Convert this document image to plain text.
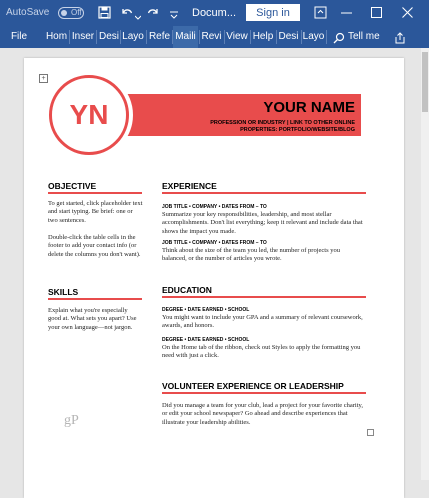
AutoSave	Off	Docum...	Sign in
File Hom Inser Desi Layo Refe Maili Revi View Help Desi Layo Tell me
+
YN	YOUR NAME
PROFESSION OR INDUSTRY | LINK TO OTHER ONLINE
PROPERTIES: PORTFOLIO/WEBSITE/BLOG
OBJECTIVE
To get started, click placeholder text and start typing. Be brief: one or two sentences.
Double-click the table cells in the footer to add your contact info (or delete the columns you don't want).
SKILLS
Explain what you're especially good at. What sets you apart? Use your own language—not jargon.
EXPERIENCE
JOB TITLE • COMPANY • DATES FROM – TO
Summarize your key responsibilities, leadership, and most stellar accomplishments. Don't list everything; keep it relevant and include data that shows the impact you made.
JOB TITLE • COMPANY • DATES FROM – TO
Think about the size of the team you led, the number of projects you balanced, or the number of articles you wrote.
EDUCATION
DEGREE • DATE EARNED • SCHOOL
You might want to include your GPA and a summary of relevant coursework, awards, and honors.
DEGREE • DATE EARNED • SCHOOL
On the Home tab of the ribbon, check out Styles to apply the formatting you need with just a click.
VOLUNTEER EXPERIENCE OR LEADERSHIP
Did you manage a team for your club, lead a project for your favorite charity, or edit your school newspaper? Go ahead and describe experiences that illustrate your leadership abilities.
gP
